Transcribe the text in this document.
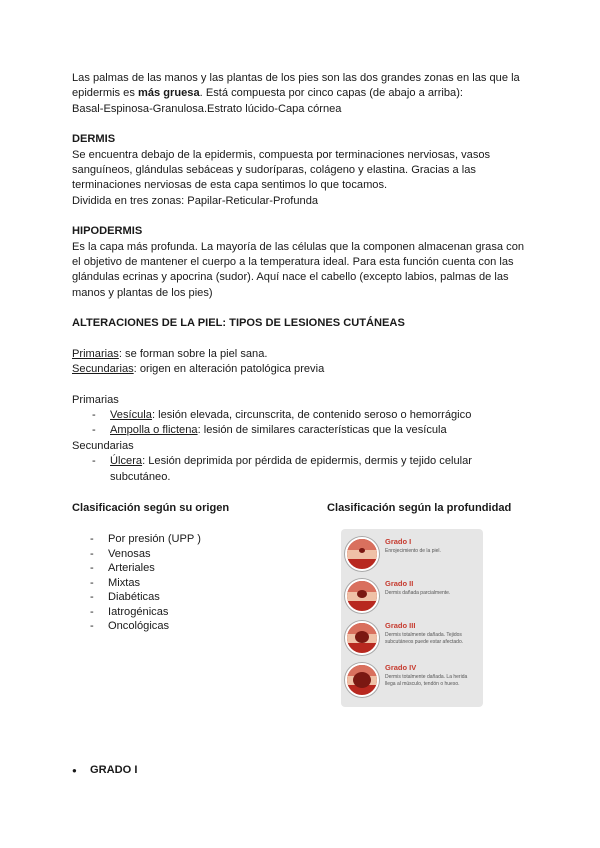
Las palmas de las manos y las plantas de los pies son las dos grandes zonas en las que la

epidermis es más gruesa. Está compuesta por cinco capas (de abajo a arriba):

Basal-Espinosa-Granulosa.Estrato lúcido-Capa córnea

DERMIS

Se encuentra debajo de la epidermis, compuesta por terminaciones nerviosas, vasos

sanguíneos, glándulas sebáceas y sudoríparas, colágeno y elastina. Gracias a las

terminaciones nerviosas de esta capa sentimos lo que tocamos.

Dividida en tres zonas: Papilar-Reticular-Profunda

HIPODERMIS

Es la capa más profunda. La mayoría de las células que la componen almacenan grasa con

el objetivo de mantener el cuerpo a la temperatura ideal. Para esta función cuenta con las

glándulas ecrinas y apocrina (sudor). Aquí nace el cabello (excepto labios, palmas de las

manos y plantas de los pies)

ALTERACIONES DE LA PIEL: TIPOS DE LESIONES CUTÁNEAS

Primarias: se forman sobre la piel sana.

Secundarias: origen en alteración patológica previa

Primarias

- Vesícula: lesión elevada, circunscrita, de contenido seroso o hemorrágico
- Ampolla o flictena: lesión de similares características que la vesícula

Secundarias

- Úlcera: Lesión deprimida por pérdida de epidermis, dermis y tejido celular
subcutáneo.

Clasificación según su origen

- Por presión (UPP )
- Venosas
- Arteriales
- Mixtas
- Diabéticas
- Iatrogénicas
- Oncológicas

Clasificación según la profundidad

Grado I
Enrojecimiento de la piel.
Grado II
Dermis dañada parcialmente.
Grado III
Dermis totalmente dañada. Tejidos subcutáneos puede estar afectado.
Grado IV
Dermis totalmente dañada. La herida llega al músculo, tendón o hueso.
● GRADO I
